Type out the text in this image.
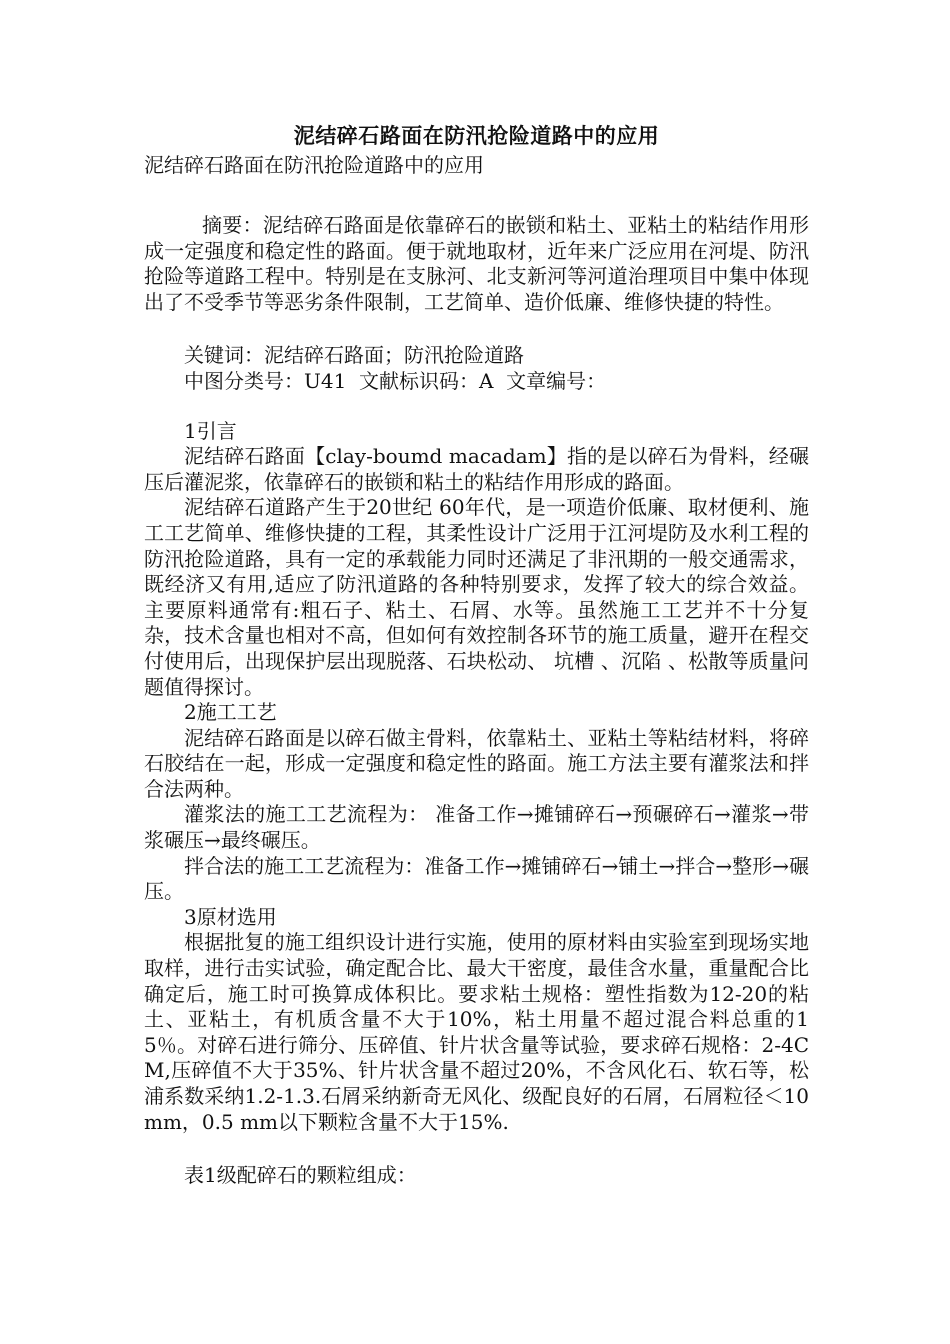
泥结碎石路面在防汛抢险道路中的应用

泥结碎石路面在防汛抢险道路中的应用

摘要：泥结碎石路面是依靠碎石的嵌锁和粘土、亚粘土的粘结作用形成一定强度和稳定性的路面。便于就地取材，近年来广泛应用在河堤、防汛抢险等道路工程中。特别是在支脉河、北支新河等河道治理项目中集中体现出了不受季节等恶劣条件限制，工艺简单、造价低廉、维修快捷的特性。

关键词：泥结碎石路面；防汛抢险道路

中图分类号：U41  文献标识码：A  文章编号：

1引言

泥结碎石路面【clay-boumd macadam】指的是以碎石为骨料，经碾压后灌泥浆，依靠碎石的嵌锁和粘土的粘结作用形成的路面。

泥结碎石道路产生于20世纪 60年代，是一项造价低廉、取材便利、施工工艺简单、维修快捷的工程，其柔性设计广泛用于江河堤防及水利工程的防汛抢险道路，具有一定的承载能力同时还满足了非汛期的一般交通需求，既经济又有用,适应了防汛道路的各种特别要求，发挥了较大的综合效益。主要原料通常有:粗石子、粘土、石屑、水等。虽然施工工艺并不十分复杂，技术含量也相对不高，但如何有效控制各环节的施工质量，避开在程交付使用后，出现保护层出现脱落、石块松动、 坑槽 、沉陷 、松散等质量问题值得探讨。

2施工工艺

泥结碎石路面是以碎石做主骨料，依靠粘土、亚粘土等粘结材料，将碎石胶结在一起，形成一定强度和稳定性的路面。施工方法主要有灌浆法和拌合法两种。

灌浆法的施工工艺流程为： 准备工作→摊铺碎石→预碾碎石→灌浆→带浆碾压→最终碾压。

拌合法的施工工艺流程为：准备工作→摊铺碎石→铺土→拌合→整形→碾压。

3原材选用

根据批复的施工组织设计进行实施，使用的原材料由实验室到现场实地取样，进行击实试验，确定配合比、最大干密度，最佳含水量，重量配合比确定后，施工时可换算成体积比。要求粘土规格：塑性指数为12-20的粘土、亚粘土，有机质含量不大于10%，粘土用量不超过混合料总重的15％。对碎石进行筛分、压碎值、针片状含量等试验，要求碎石规格：2-4CM,压碎值不大于35%、针片状含量不超过20%，不含风化石、软石等，松浦系数采纳1.2-1.3.石屑采纳新奇无风化、级配良好的石屑，石屑粒径＜10mm，0.5 mm以下颗粒含量不大于15%.

表1级配碎石的颗粒组成：
